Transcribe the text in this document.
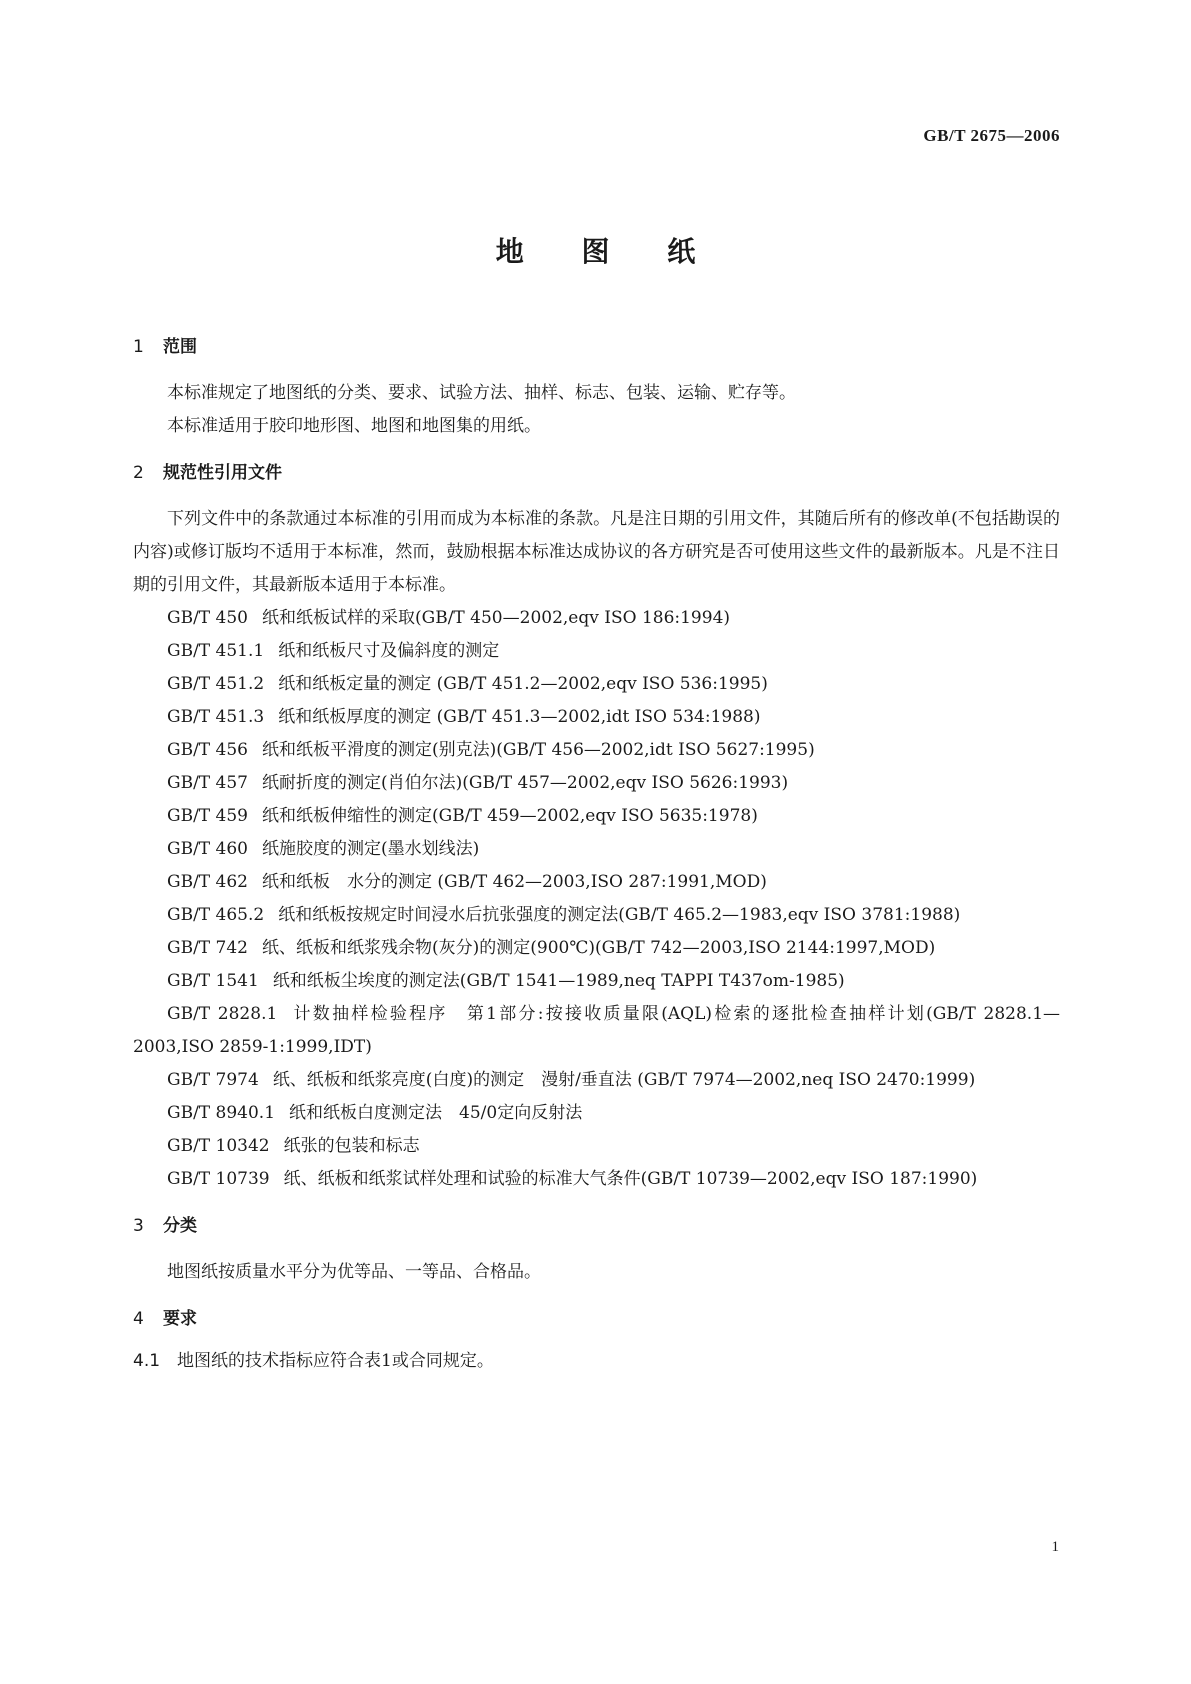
GB/T 2675—2006
地 图 纸
1 范围

本标准规定了地图纸的分类、要求、试验方法、抽样、标志、包装、运输、贮存等。

本标准适用于胶印地形图、地图和地图集的用纸。

2 规范性引用文件

下列文件中的条款通过本标准的引用而成为本标准的条款。凡是注日期的引用文件，其随后所有的修改单(不包括勘误的内容)或修订版均不适用于本标准，然而，鼓励根据本标准达成协议的各方研究是否可使用这些文件的最新版本。凡是不注日期的引用文件，其最新版本适用于本标准。

GB/T 450 纸和纸板试样的采取(GB/T 450—2002,eqv ISO 186:1994)

GB/T 451.1 纸和纸板尺寸及偏斜度的测定

GB/T 451.2 纸和纸板定量的测定 (GB/T 451.2—2002,eqv ISO 536:1995)

GB/T 451.3 纸和纸板厚度的测定 (GB/T 451.3—2002,idt ISO 534:1988)

GB/T 456 纸和纸板平滑度的测定(别克法)(GB/T 456—2002,idt ISO 5627:1995)

GB/T 457 纸耐折度的测定(肖伯尔法)(GB/T 457—2002,eqv ISO 5626:1993)

GB/T 459 纸和纸板伸缩性的测定(GB/T 459—2002,eqv ISO 5635:1978)

GB/T 460 纸施胶度的测定(墨水划线法)

GB/T 462 纸和纸板　水分的测定 (GB/T 462—2003,ISO 287:1991,MOD)

GB/T 465.2 纸和纸板按规定时间浸水后抗张强度的测定法(GB/T 465.2—1983,eqv ISO 3781:1988)

GB/T 742 纸、纸板和纸浆残余物(灰分)的测定(900℃)(GB/T 742—2003,ISO 2144:1997,MOD)

GB/T 1541 纸和纸板尘埃度的测定法(GB/T 1541—1989,neq TAPPI T437om-1985)

GB/T 2828.1 计数抽样检验程序　第1部分:按接收质量限(AQL)检索的逐批检查抽样计划(GB/T 2828.1—2003,ISO 2859-1:1999,IDT)

GB/T 7974 纸、纸板和纸浆亮度(白度)的测定　漫射/垂直法 (GB/T 7974—2002,neq ISO 2470:1999)

GB/T 8940.1 纸和纸板白度测定法　45/0定向反射法

GB/T 10342 纸张的包装和标志

GB/T 10739 纸、纸板和纸浆试样处理和试验的标准大气条件(GB/T 10739—2002,eqv ISO 187:1990)

3 分类

地图纸按质量水平分为优等品、一等品、合格品。

4 要求

4.1 地图纸的技术指标应符合表1或合同规定。

1
